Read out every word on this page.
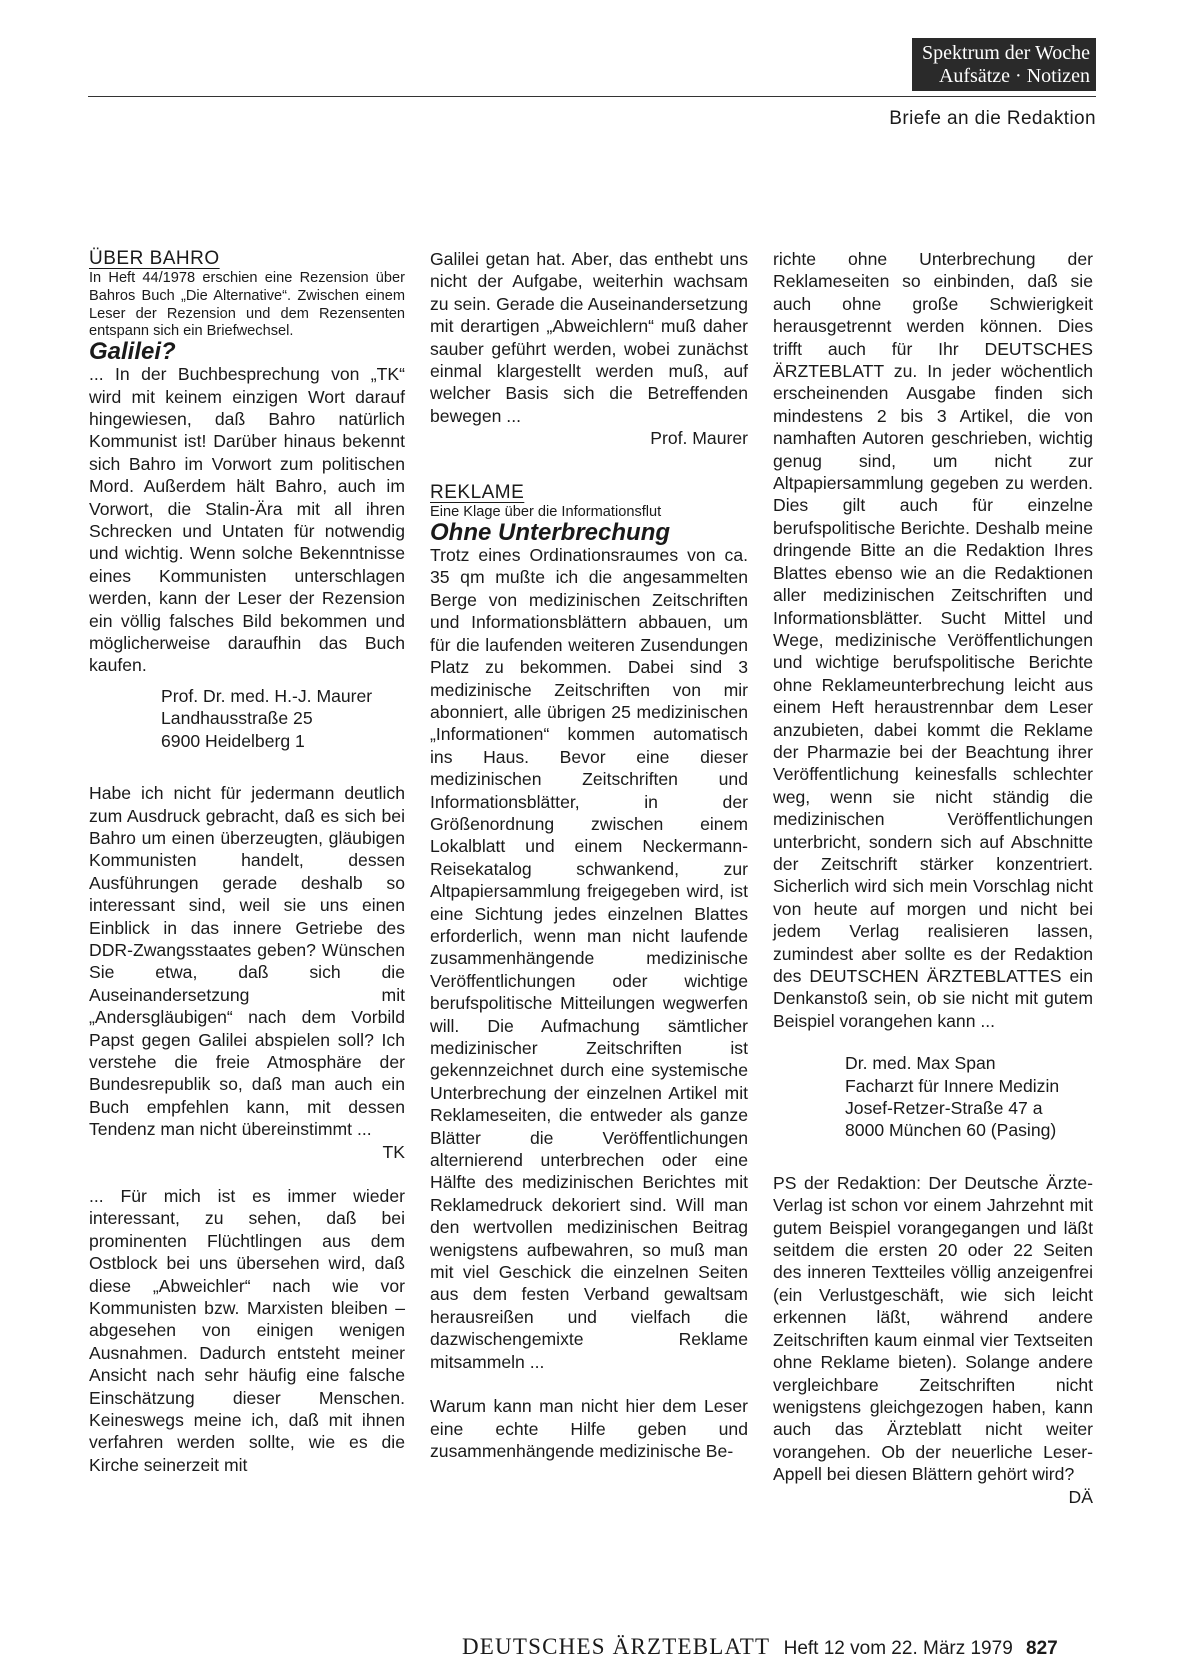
Spektrum der Woche
Aufsätze · Notizen
Briefe an die Redaktion

ÜBER BAHRO

In Heft 44/1978 erschien eine Rezension über Bahros Buch „Die Alternative“. Zwischen einem Leser der Rezension und dem Rezensenten entspann sich ein Briefwechsel.

Galilei?

... In der Buchbesprechung von „TK“ wird mit keinem einzigen Wort darauf hingewiesen, daß Bahro natürlich Kommunist ist! Darüber hinaus bekennt sich Bahro im Vorwort zum politischen Mord. Außerdem hält Bahro, auch im Vorwort, die Stalin-Ära mit all ihren Schrecken und Untaten für notwendig und wichtig. Wenn solche Bekenntnisse eines Kommunisten unterschlagen werden, kann der Leser der Rezension ein völlig falsches Bild bekommen und möglicherweise daraufhin das Buch kaufen.

Prof. Dr. med. H.-J. Maurer
Landhausstraße 25
6900 Heidelberg 1

Habe ich nicht für jedermann deutlich zum Ausdruck gebracht, daß es sich bei Bahro um einen überzeugten, gläubigen Kommunisten handelt, dessen Ausführungen gerade deshalb so interessant sind, weil sie uns einen Einblick in das innere Getriebe des DDR-Zwangsstaates geben? Wünschen Sie etwa, daß sich die Auseinandersetzung mit „Andersgläubigen“ nach dem Vorbild Papst gegen Galilei abspielen soll? Ich verstehe die freie Atmosphäre der Bundesrepublik so, daß man auch ein Buch empfehlen kann, mit dessen Tendenz man nicht übereinstimmt ...

TK

... Für mich ist es immer wieder interessant, zu sehen, daß bei prominenten Flüchtlingen aus dem Ostblock bei uns übersehen wird, daß diese „Abweichler“ nach wie vor Kommunisten bzw. Marxisten bleiben – abgesehen von einigen wenigen Ausnahmen. Dadurch entsteht meiner Ansicht nach sehr häufig eine falsche Einschätzung dieser Menschen. Keineswegs meine ich, daß mit ihnen verfahren werden sollte, wie es die Kirche seinerzeit mit

Galilei getan hat. Aber, das enthebt uns nicht der Aufgabe, weiterhin wachsam zu sein. Gerade die Auseinandersetzung mit derartigen „Abweichlern“ muß daher sauber geführt werden, wobei zunächst einmal klargestellt werden muß, auf welcher Basis sich die Betreffenden bewegen ...

Prof. Maurer

REKLAME

Eine Klage über die Informationsflut

Ohne Unterbrechung

Trotz eines Ordinationsraumes von ca. 35 qm mußte ich die angesammelten Berge von medizinischen Zeitschriften und Informationsblättern abbauen, um für die laufenden weiteren Zusendungen Platz zu bekommen. Dabei sind 3 medizinische Zeitschriften von mir abonniert, alle übrigen 25 medizinischen „Informationen“ kommen automatisch ins Haus. Bevor eine dieser medizinischen Zeitschriften und Informationsblätter, in der Größenordnung zwischen einem Lokalblatt und einem Neckermann-Reisekatalog schwankend, zur Altpapiersammlung freigegeben wird, ist eine Sichtung jedes einzelnen Blattes erforderlich, wenn man nicht laufende zusammenhängende medizinische Veröffentlichungen oder wichtige berufspolitische Mitteilungen wegwerfen will. Die Aufmachung sämtlicher medizinischer Zeitschriften ist gekennzeichnet durch eine systemische Unterbrechung der einzelnen Artikel mit Reklameseiten, die entweder als ganze Blätter die Veröffentlichungen alternierend unterbrechen oder eine Hälfte des medizinischen Berichtes mit Reklamedruck dekoriert sind. Will man den wertvollen medizinischen Beitrag wenigstens aufbewahren, so muß man mit viel Geschick die einzelnen Seiten aus dem festen Verband gewaltsam herausreißen und vielfach die dazwischengemixte Reklame mitsammeln ...

Warum kann man nicht hier dem Leser eine echte Hilfe geben und zusammenhängende medizinische Be-

richte ohne Unterbrechung der Reklameseiten so einbinden, daß sie auch ohne große Schwierigkeit herausgetrennt werden können. Dies trifft auch für Ihr DEUTSCHES ÄRZTEBLATT zu. In jeder wöchentlich erscheinenden Ausgabe finden sich mindestens 2 bis 3 Artikel, die von namhaften Autoren geschrieben, wichtig genug sind, um nicht zur Altpapiersammlung gegeben zu werden. Dies gilt auch für einzelne berufspolitische Berichte. Deshalb meine dringende Bitte an die Redaktion Ihres Blattes ebenso wie an die Redaktionen aller medizinischen Zeitschriften und Informationsblätter. Sucht Mittel und Wege, medizinische Veröffentlichungen und wichtige berufspolitische Berichte ohne Reklameunterbrechung leicht aus einem Heft heraustrennbar dem Leser anzubieten, dabei kommt die Reklame der Pharmazie bei der Beachtung ihrer Veröffentlichung keinesfalls schlechter weg, wenn sie nicht ständig die medizinischen Veröffentlichungen unterbricht, sondern sich auf Abschnitte der Zeitschrift stärker konzentriert. Sicherlich wird sich mein Vorschlag nicht von heute auf morgen und nicht bei jedem Verlag realisieren lassen, zumindest aber sollte es der Redaktion des DEUTSCHEN ÄRZTEBLATTES ein Denkanstoß sein, ob sie nicht mit gutem Beispiel vorangehen kann ...

Dr. med. Max Span
Facharzt für Innere Medizin
Josef-Retzer-Straße 47 a
8000 München 60 (Pasing)

PS der Redaktion: Der Deutsche Ärzte-Verlag ist schon vor einem Jahrzehnt mit gutem Beispiel vorangegangen und läßt seitdem die ersten 20 oder 22 Seiten des inneren Textteiles völlig anzeigenfrei (ein Verlustgeschäft, wie sich leicht erkennen läßt, während andere Zeitschriften kaum einmal vier Textseiten ohne Reklame bieten). Solange andere vergleichbare Zeitschriften nicht wenigstens gleichgezogen haben, kann auch das Ärzteblatt nicht weiter vorangehen. Ob der neuerliche Leser-Appell bei diesen Blättern gehört wird?

DÄ

DEUTSCHES ÄRZTEBLATT Heft 12 vom 22. März 1979 827
